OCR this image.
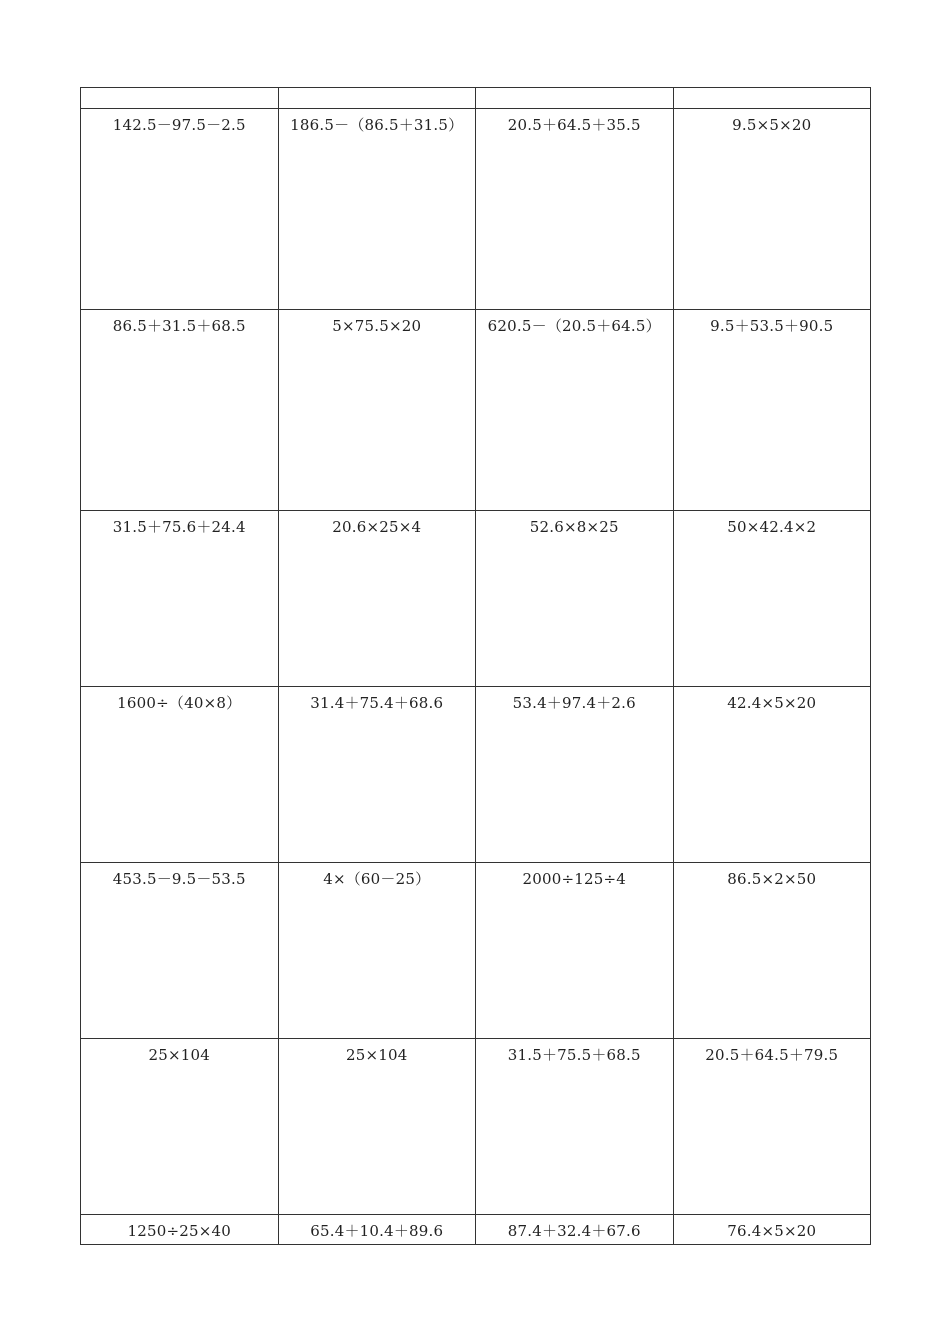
142.5－97.5－2.5	186.5－（86.5＋31.5）	20.5＋64.5＋35.5	9.5×5×20

86.5＋31.5＋68.5	5×75.5×20	620.5－（20.5＋64.5）	9.5＋53.5＋90.5

31.5＋75.6＋24.4	20.6×25×4	52.6×8×25	50×42.4×2

1600÷（40×8）	31.4＋75.4＋68.6	53.4＋97.4＋2.6	42.4×5×20

453.5－9.5－53.5	4×（60－25）	2000÷125÷4	86.5×2×50

25×104	25×104	31.5＋75.5＋68.5	20.5＋64.5＋79.5

1250÷25×40	65.4＋10.4＋89.6	87.4＋32.4＋67.6	76.4×5×20
